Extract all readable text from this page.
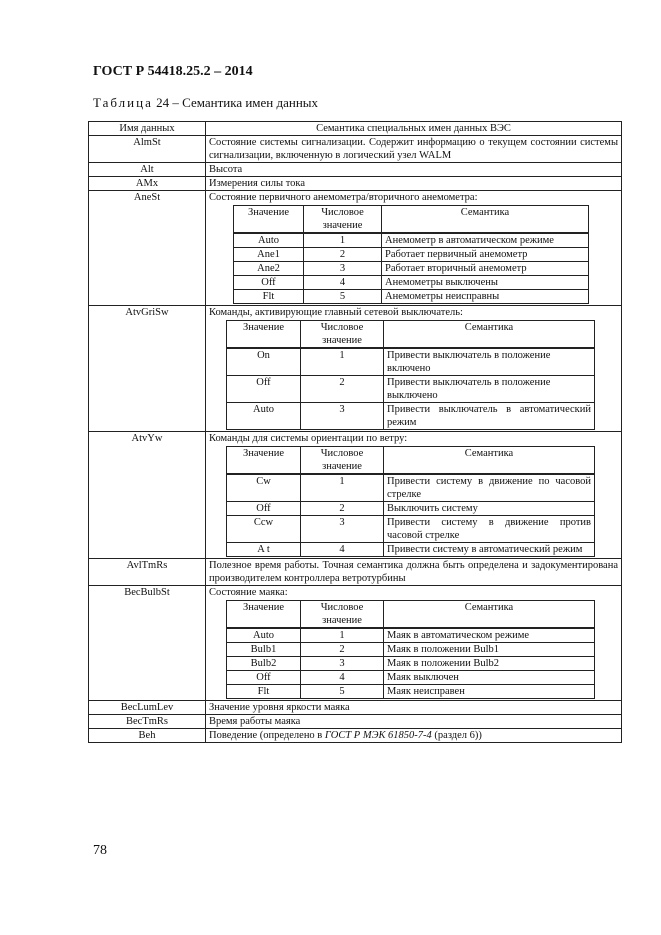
ГОСТ Р 54418.25.2 – 2014
Таблица 24 – Семантика имен данных
Имя данных	Семантика специальных имен данных ВЭС
AlmSt	Состояние системы сигнализации. Содержит информацию о текущем состоянии системы сигнализации, включенную в логический узел WALM
Alt	Высота
AMx	Измерения силы тока
AneSt	Состояние первичного анемометра/вторичного анемометра:
Значение	Числовое значение	Семантика
Auto	1	Анемометр в автоматическом режиме
Ane1	2	Работает первичный анемометр
Ane2	3	Работает вторичный анемометр
Off	4	Анемометры выключены
Flt	5	Анемометры неисправны

AtvGriSw	Команды, активирующие главный сетевой выключатель:
Значение	Числовое значение	Семантика
On	1	Привести выключатель в положение включено
Off	2	Привести выключатель в положение выключено
Auto	3	Привести выключатель в автоматический режим

AtvYw	Команды для системы ориентации по ветру:
Значение	Числовое значение	Семантика
Cw	1	Привести систему в движение по часовой стрелке
Off	2	Выключить систему
Ccw	3	Привести систему в движение против часовой стрелке
A t	4	Привести систему в автоматический режим

AvlTmRs	Полезное время работы. Точная семантика должна быть определена и задокументирована производителем контроллера ветротурбины
BecBulbSt	Состояние маяка:
Значение	Числовое значение	Семантика
Auto	1	Маяк в автоматическом режиме
Bulb1	2	Маяк в положении Bulb1
Bulb2	3	Маяк в положении Bulb2
Off	4	Маяк выключен
Flt	5	Маяк неисправен

BecLumLev	Значение уровня яркости маяка
BecTmRs	Время работы маяка
Beh	Поведение (определено в ГОСТ Р МЭК 61850-7-4 (раздел 6))
78
